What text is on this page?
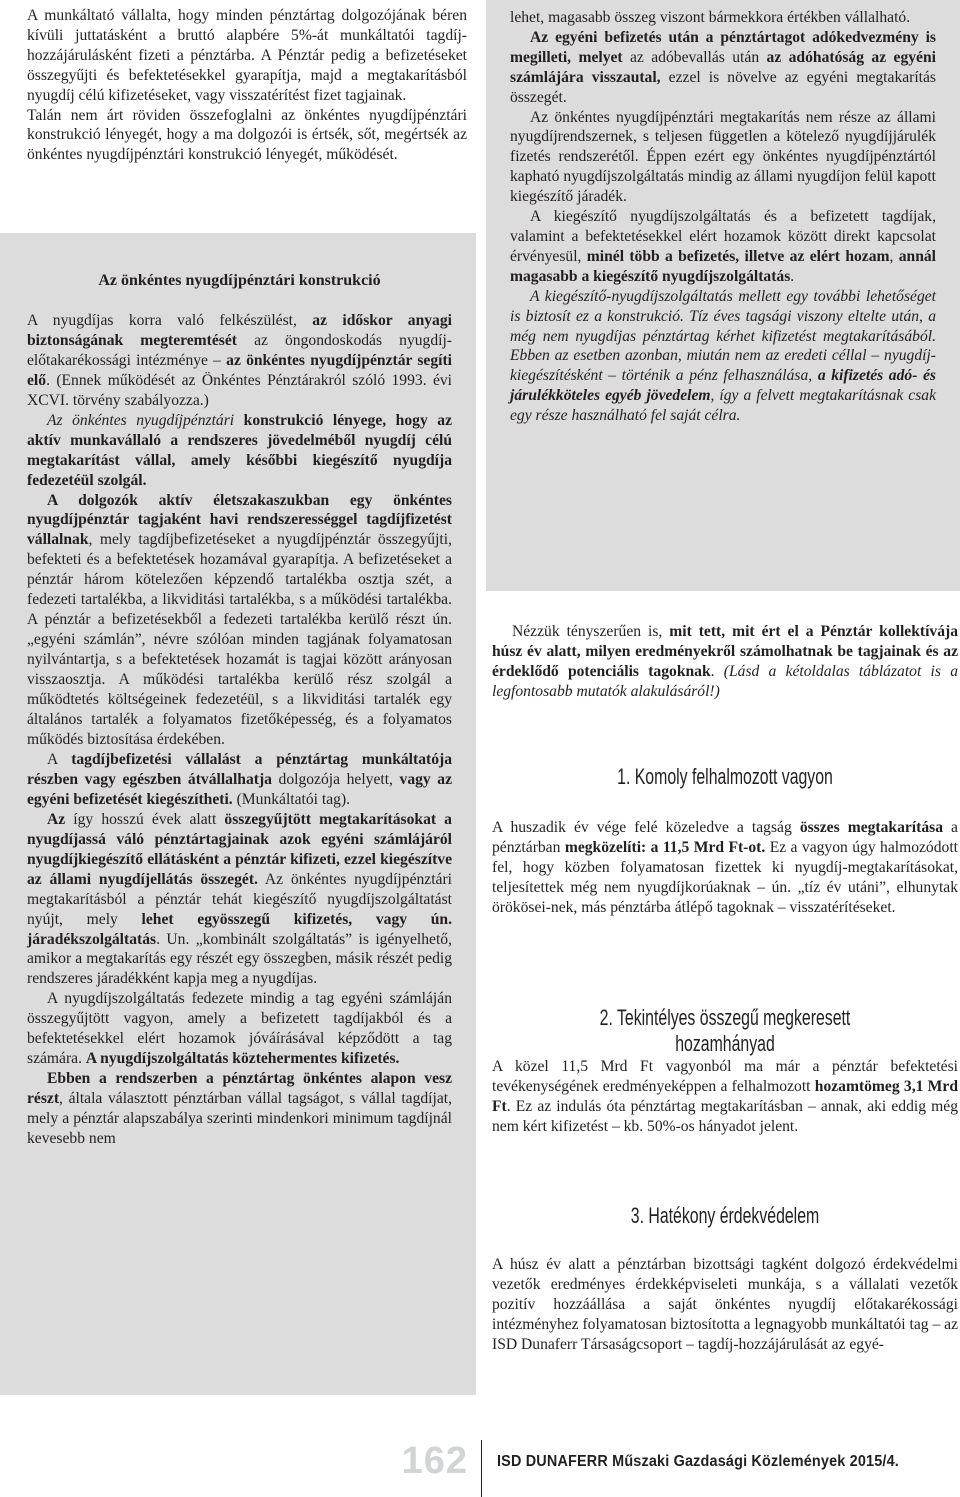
A munkáltató vállalta, hogy minden pénztártag dolgozójának béren kívüli juttatásként a bruttó alapbére 5%-át munkáltatói tagdíj-hozzájárulásként fizeti a pénztárba. A Pénztár pedig a befizetéseket összegyűjti és befektetésekkel gyarapítja, majd a megtakarításból nyugdíj célú kifizetéseket, vagy visszatérítést fizet tagjainak.

Talán nem árt röviden összefoglalni az önkéntes nyugdíjpénztári konstrukció lényegét, hogy a ma dolgozói is értsék, sőt, megértsék az önkéntes nyugdíjpénztári konstrukció lényegét, működését.

Az önkéntes nyugdíjpénztári konstrukció

A nyugdíjas korra való felkészülést, az időskor anyagi biztonságának megteremtését az öngondoskodás nyugdíj-előtakarékossági intézménye – az önkéntes nyugdíjpénztár segíti elő. (Ennek működését az Önkéntes Pénztárakról szóló 1993. évi XCVI. törvény szabályozza.)

Az önkéntes nyugdíjpénztári konstrukció lényege, hogy az aktív munkavállaló a rendszeres jövedelméből nyugdíj célú megtakarítást vállal, amely későbbi kiegészítő nyugdíja fedezetéül szolgál.

A dolgozók aktív életszakaszukban egy önkéntes nyugdíjpénztár tagjaként havi rendszerességgel tagdíjfizetést vállalnak, mely tagdíjbefizetéseket a nyugdíjpénztár összegyűjti, befekteti és a befektetések hozamával gyarapítja. A befizetéseket a pénztár három kötelezően képzendő tartalékba osztja szét, a fedezeti tartalékba, a likviditási tartalékba, s a működési tartalékba. A pénztár a befizetésekből a fedezeti tartalékba kerülő részt ún. „egyéni számlán”, névre szólóan minden tagjának folyamatosan nyilvántartja, s a befektetések hozamát is tagjai között arányosan visszaosztja. A működési tartalékba kerülő rész szolgál a működtetés költségeinek fedezetéül, s a likviditási tartalék egy általános tartalék a folyamatos fizetőképesség, és a folyamatos működés biztosítása érdekében.

A tagdíjbefizetési vállalást a pénztártag munkáltatója részben vagy egészben átvállalhatja dolgozója helyett, vagy az egyéni befizetését kiegészítheti. (Munkáltatói tag).

Az így hosszú évek alatt összegyűjtött megtakarításokat a nyugdíjassá váló pénztártagjainak azok egyéni számlájáról nyugdíjkiegészítő ellátásként a pénztár kifizeti, ezzel kiegészítve az állami nyugdíjellátás összegét. Az önkéntes nyugdíjpénztári megtakarításból a pénztár tehát kiegészítő nyugdíjszolgáltatást nyújt, mely lehet egyösszegű kifizetés, vagy ún. járadékszolgáltatás. Un. „kombinált szolgáltatás” is igényelhető, amikor a megtakarítás egy részét egy összegben, másik részét pedig rendszeres járadékként kapja meg a nyugdíjas.

A nyugdíjszolgáltatás fedezete mindig a tag egyéni számláján összegyűjtött vagyon, amely a befizetett tagdíjakból és a befektetésekkel elért hozamok jóváírásával képződött a tag számára. A nyugdíjszolgáltatás köztehermentes kifizetés.

Ebben a rendszerben a pénztártag önkéntes alapon vesz részt, általa választott pénztárban vállal tagságot, s vállal tagdíjat, mely a pénztár alapszabálya szerinti mindenkori minimum tagdíjnál kevesebb nem

lehet, magasabb összeg viszont bármekkora értékben vállalható.

Az egyéni befizetés után a pénztártagot adókedvezmény is megilleti, melyet az adóbevallás után az adóhatóság az egyéni számlájára visszautal, ezzel is növelve az egyéni megtakarítás összegét.

Az önkéntes nyugdíjpénztári megtakarítás nem része az állami nyugdíjrendszernek, s teljesen független a kötelező nyugdíjjárulék fizetés rendszerétől. Éppen ezért egy önkéntes nyugdíjpénztártól kapható nyugdíjszolgáltatás mindig az állami nyugdíjon felül kapott kiegészítő járadék.

A kiegészítő nyugdíjszolgáltatás és a befizetett tagdíjak, valamint a befektetésekkel elért hozamok között direkt kapcsolat érvényesül, minél több a befizetés, illetve az elért hozam, annál magasabb a kiegészítő nyugdíjszolgáltatás.

A kiegészítő-nyugdíjszolgáltatás mellett egy további lehetőséget is biztosít ez a konstrukció. Tíz éves tagsági viszony eltelte után, a még nem nyugdíjas pénztártag kérhet kifizetést megtakarításából. Ebben az esetben azonban, miután nem az eredeti céllal – nyugdíj-kiegészítésként – történik a pénz felhasználása, a kifizetés adó- és járulékköteles egyéb jövedelem, így a felvett megtakarításnak csak egy része használható fel saját célra.

Nézzük tényszerűen is, mit tett, mit ért el a Pénztár kollektívája húsz év alatt, milyen eredményekről számolhatnak be tagjainak és az érdeklődő potenciális tagoknak. (Lásd a kétoldalas táblázatot is a legfontosabb mutatók alakulásáról!)

1. Komoly felhalmozott vagyon

A huszadik év vége felé közeledve a tagság összes megtakarítása a pénztárban megközelíti: a 11,5 Mrd Ft-ot. Ez a vagyon úgy halmozódott fel, hogy közben folyamatosan fizettek ki nyugdíj-megtakarításokat, teljesítettek még nem nyugdíjkorúaknak – ún. „tíz év utáni”, elhunytak örökösei-nek, más pénztárba átlépő tagoknak – visszatérítéseket.

2. Tekintélyes összegű megkeresett hozamhányad

A közel 11,5 Mrd Ft vagyonból ma már a pénztár befektetési tevékenységének eredményeképpen a felhalmozott hozamtömeg 3,1 Mrd Ft. Ez az indulás óta pénztártag megtakarításban – annak, aki eddig még nem kért kifizetést – kb. 50%-os hányadot jelent.

3. Hatékony érdekvédelem

A húsz év alatt a pénztárban bizottsági tagként dolgozó érdekvédelmi vezetők eredményes érdekképviseleti munkája, s a vállalati vezetők pozitív hozzáállása a saját önkéntes nyugdíj előtakarékossági intézményhez folyamatosan biztosította a legnagyobb munkáltatói tag – az ISD Dunaferr Társaságcsoport – tagdíj-hozzájárulását az egyé-

162 ISD DUNAFERR Műszaki Gazdasági Közlemények 2015/4.
